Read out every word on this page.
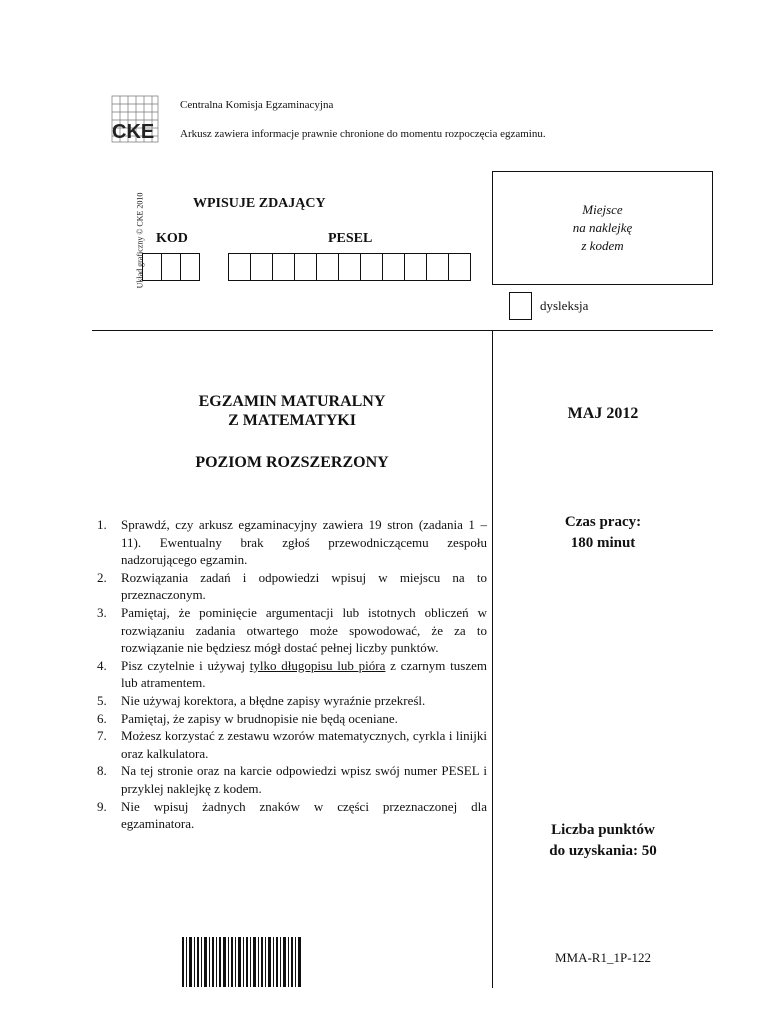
CKE
Centralna Komisja Egzaminacyjna
Arkusz zawiera informacje prawnie chronione do momentu rozpoczęcia egzaminu.
Układ graficzny © CKE 2010	WPISUJE ZDAJĄCY
KOD	PESEL
Miejsce
na naklejkę
z kodem
dysleksja
EGZAMIN MATURALNY
Z MATEMATYKI
POZIOM ROZSZERZONY
1.	Sprawdź, czy arkusz egzaminacyjny zawiera 19 stron (zadania 1 – 11). Ewentualny brak zgłoś przewodniczącemu zespołu nadzorującego egzamin.
2.	Rozwiązania zadań i odpowiedzi wpisuj w miejscu na to przeznaczonym.
3.	Pamiętaj, że pominięcie argumentacji lub istotnych obliczeń w rozwiązaniu zadania otwartego może spowodować, że za to rozwiązanie nie będziesz mógł dostać pełnej liczby punktów.
4.	Pisz czytelnie i używaj tylko długopisu lub pióra z czarnym tuszem lub atramentem.
5.	Nie używaj korektora, a błędne zapisy wyraźnie przekreśl.
6.	Pamiętaj, że zapisy w brudnopisie nie będą oceniane.
7.	Możesz korzystać z zestawu wzorów matematycznych, cyrkla i linijki oraz kalkulatora.
8.	Na tej stronie oraz na karcie odpowiedzi wpisz swój numer PESEL i przyklej naklejkę z kodem.
9.	Nie wpisuj żadnych znaków w części przeznaczonej dla egzaminatora.
MAJ 2012
Czas pracy:
180 minut
Liczba punktów
do uzyskania: 50
MMA-R1_1P-122
